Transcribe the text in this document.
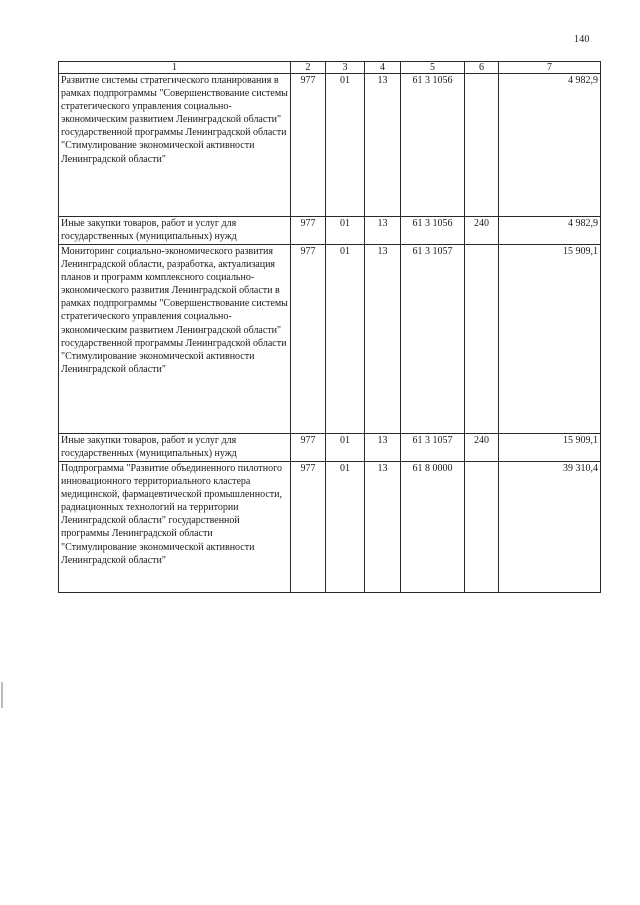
140
1	2	3	4	5	6	7
Развитие системы стратегического планирования в рамках подпрограммы "Совершенствование системы стратегического управления социально-экономическим развитием Ленинградской области" государственной программы Ленинградской области "Стимулирование экономической активности Ленинградской области"	977	01	13	61 3 1056		4 982,9
Иные закупки товаров, работ и услуг для государственных (муниципальных) нужд	977	01	13	61 3 1056	240	4 982,9
Мониторинг социально-экономического развития Ленинградской области, разработка, актуализация планов и программ комплексного социально-экономического развития Ленинградской области в рамках подпрограммы "Совершенствование системы стратегического управления социально-экономическим развитием Ленинградской области" государственной программы Ленинградской области "Стимулирование экономической активности Ленинградской области"	977	01	13	61 3 1057		15 909,1
Иные закупки товаров, работ и услуг для государственных (муниципальных) нужд	977	01	13	61 3 1057	240	15 909,1
Подпрограмма "Развитие объединенного пилотного инновационного территориального кластера медицинской, фармацевтической промышленности, радиационных технологий на территории Ленинградской области" государственной программы Ленинградской области "Стимулирование экономической активности Ленинградской области"	977	01	13	61 8 0000		39 310,4
